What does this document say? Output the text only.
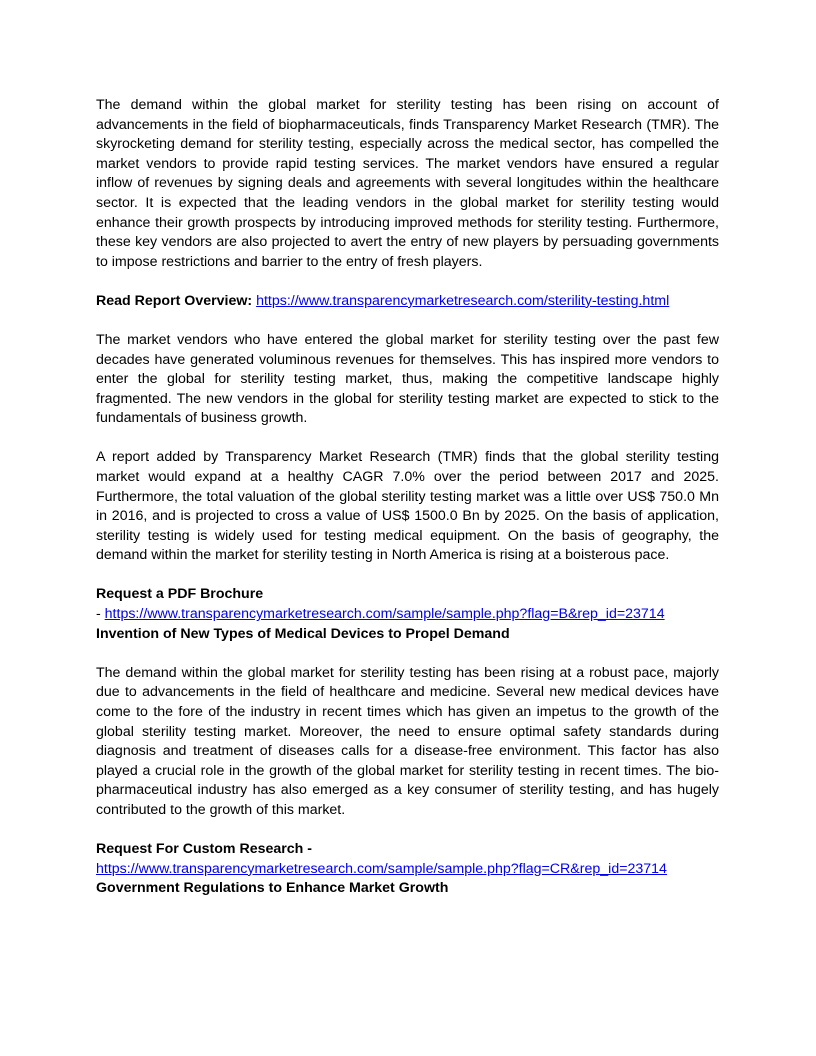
The demand within the global market for sterility testing has been rising on account of advancements in the field of biopharmaceuticals, finds Transparency Market Research (TMR). The skyrocketing demand for sterility testing, especially across the medical sector, has compelled the market vendors to provide rapid testing services. The market vendors have ensured a regular inflow of revenues by signing deals and agreements with several longitudes within the healthcare sector. It is expected that the leading vendors in the global market for sterility testing would enhance their growth prospects by introducing improved methods for sterility testing. Furthermore, these key vendors are also projected to avert the entry of new players by persuading governments to impose restrictions and barrier to the entry of fresh players.

Read Report Overview: https://www.transparencymarketresearch.com/sterility-testing.html

The market vendors who have entered the global market for sterility testing over the past few decades have generated voluminous revenues for themselves. This has inspired more vendors to enter the global for sterility testing market, thus, making the competitive landscape highly fragmented. The new vendors in the global for sterility testing market are expected to stick to the fundamentals of business growth.

A report added by Transparency Market Research (TMR) finds that the global sterility testing market would expand at a healthy CAGR 7.0% over the period between 2017 and 2025. Furthermore, the total valuation of the global sterility testing market was a little over US$ 750.0 Mn in 2016, and is projected to cross a value of US$ 1500.0 Bn by 2025. On the basis of application, sterility testing is widely used for testing medical equipment. On the basis of geography, the demand within the market for sterility testing in North America is rising at a boisterous pace.

Request a PDF Brochure

- https://www.transparencymarketresearch.com/sample/sample.php?flag=B&rep_id=23714

Invention of New Types of Medical Devices to Propel Demand

The demand within the global market for sterility testing has been rising at a robust pace, majorly due to advancements in the field of healthcare and medicine. Several new medical devices have come to the fore of the industry in recent times which has given an impetus to the growth of the global sterility testing market. Moreover, the need to ensure optimal safety standards during diagnosis and treatment of diseases calls for a disease-free environment. This factor has also played a crucial role in the growth of the global market for sterility testing in recent times. The bio-pharmaceutical industry has also emerged as a key consumer of sterility testing, and has hugely contributed to the growth of this market.

Request For Custom Research -

https://www.transparencymarketresearch.com/sample/sample.php?flag=CR&rep_id=23714

Government Regulations to Enhance Market Growth
